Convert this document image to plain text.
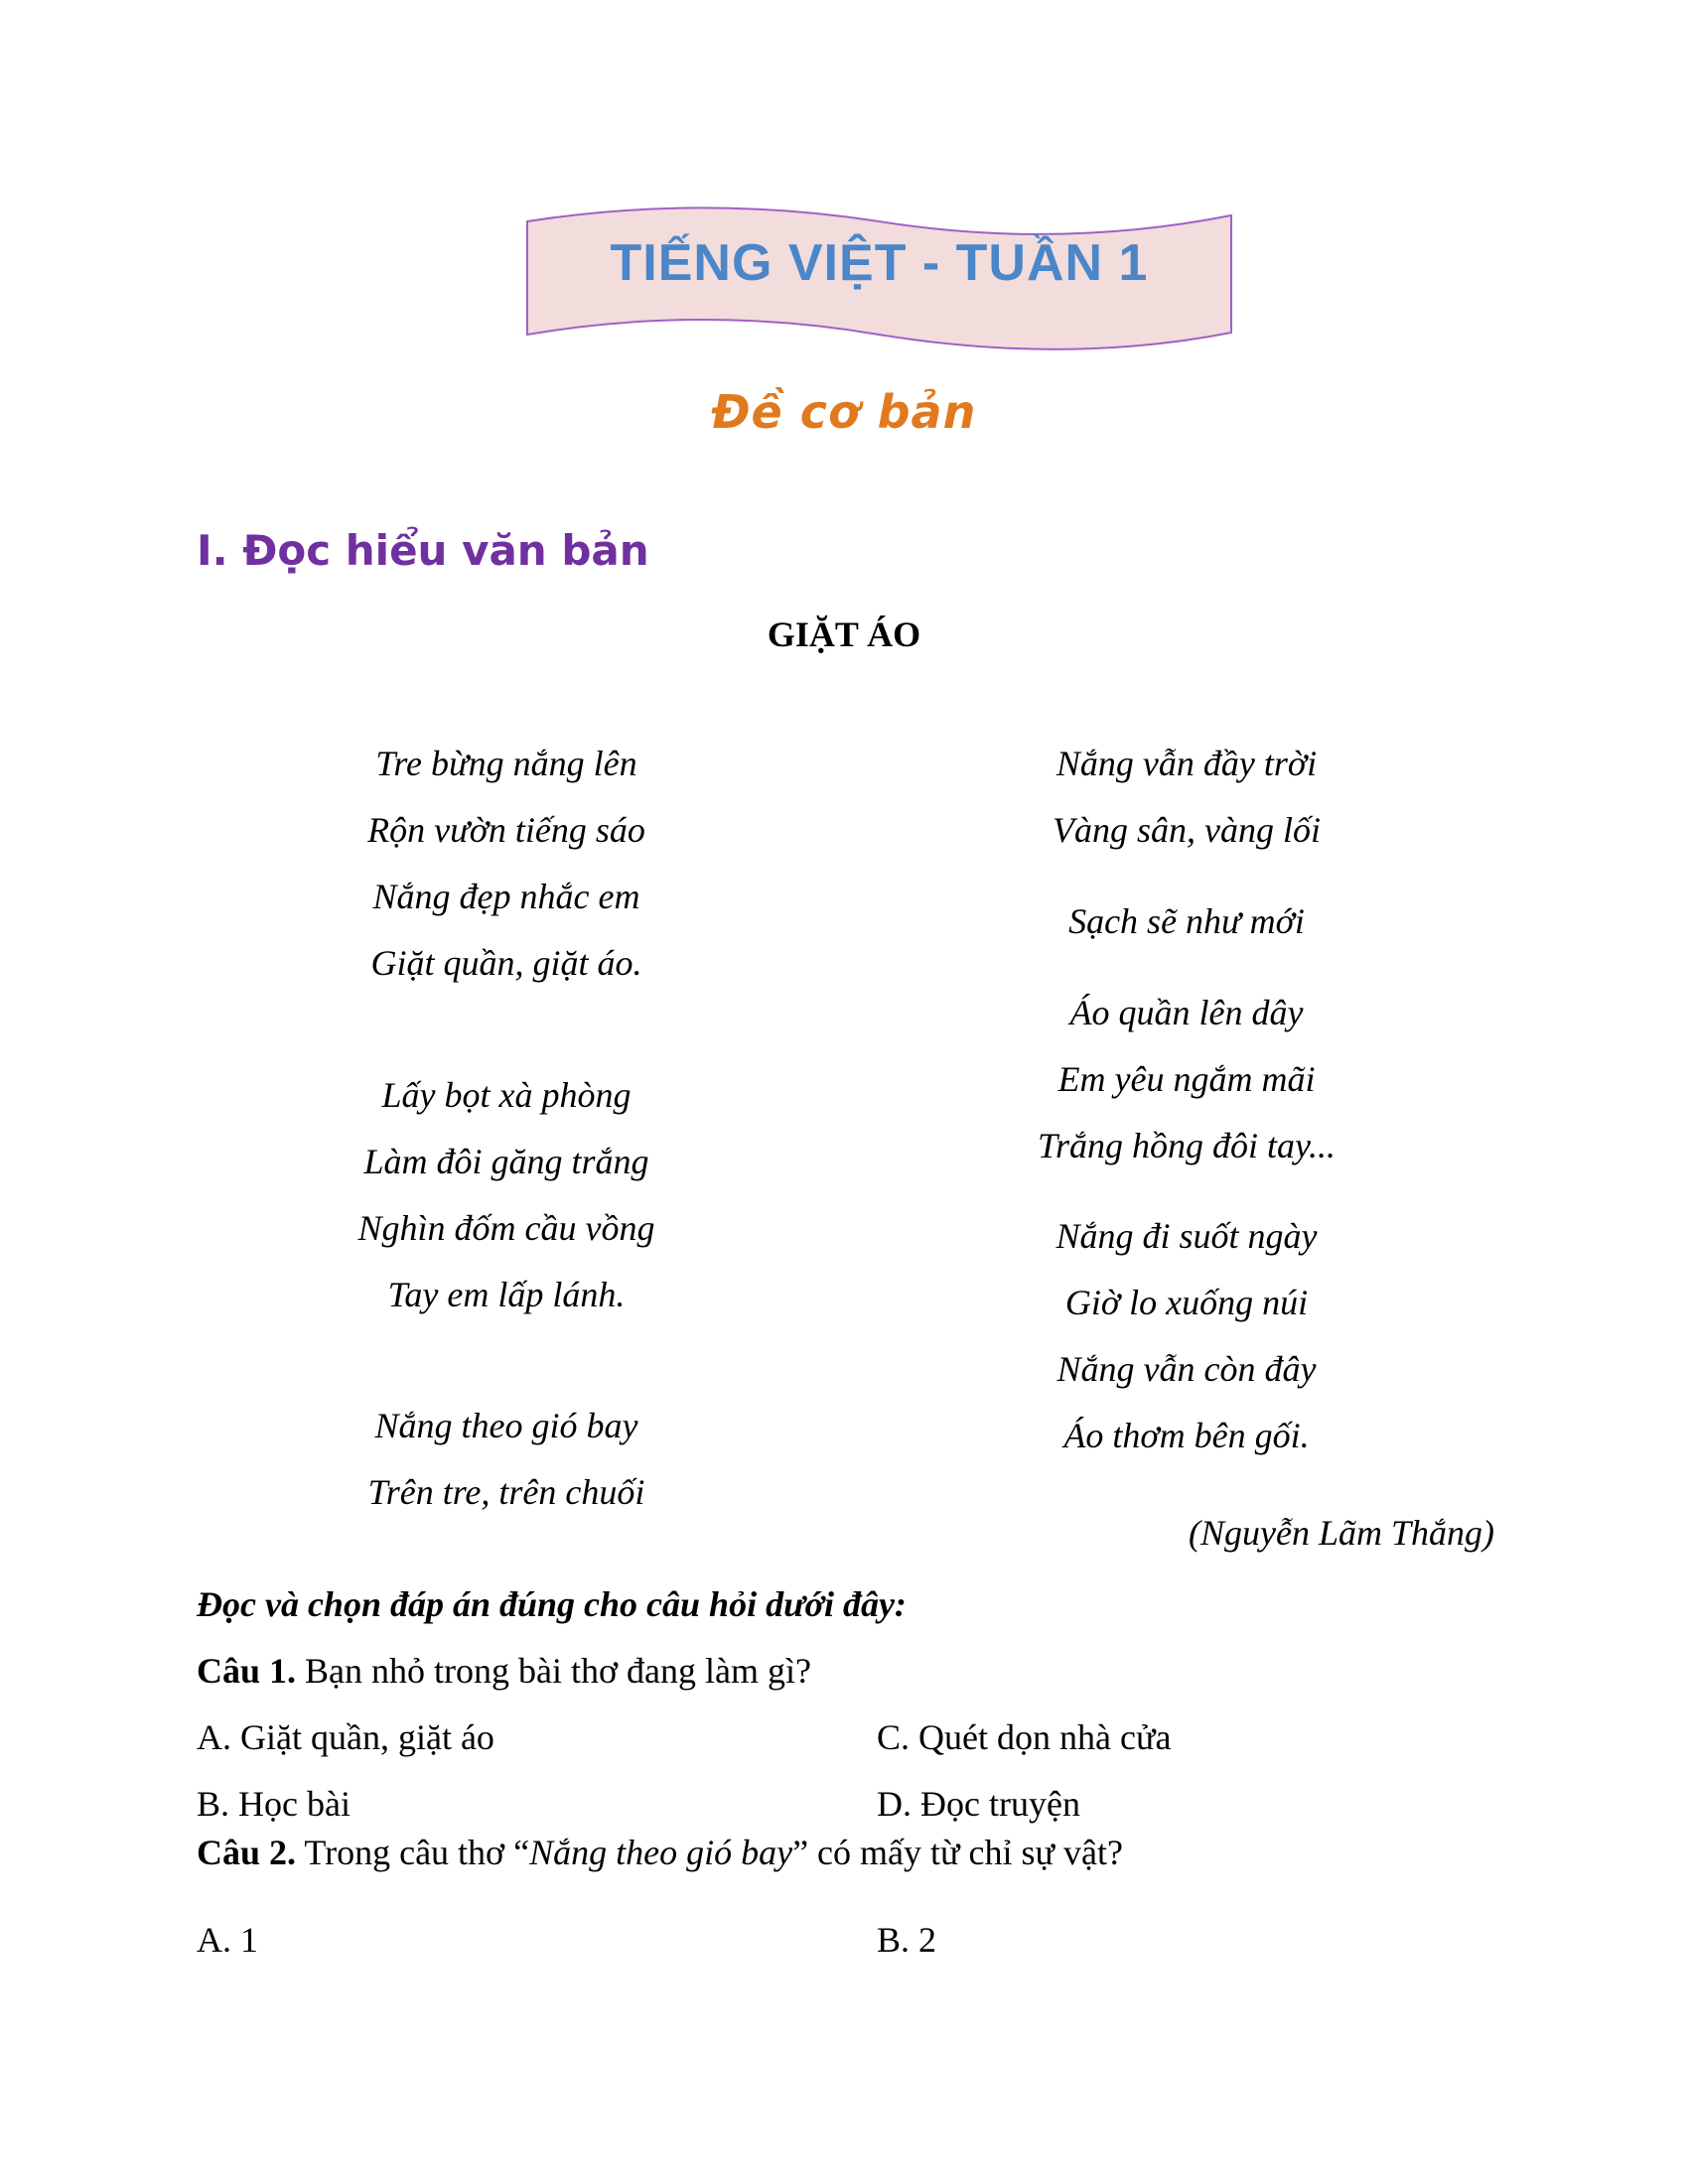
TIẾNG VIỆT - TUẦN 1
Đề cơ bản
I. Đọc hiểu văn bản
GIẶT ÁO
Tre bừng nắng lên
Rộn vườn tiếng sáo
Nắng đẹp nhắc em
Giặt quần, giặt áo.
Lấy bọt xà phòng
Làm đôi găng trắng
Nghìn đốm cầu vồng
Tay em lấp lánh.
Nắng theo gió bay
Trên tre, trên chuối
Nắng vẫn đầy trời
Vàng sân, vàng lối
Sạch sẽ như mới
Áo quần lên dây
Em yêu ngắm mãi
Trắng hồng đôi tay...
Nắng đi suốt ngày
Giờ lo xuống núi
Nắng vẫn còn đây
Áo thơm bên gối.
(Nguyễn Lãm Thắng)
Đọc và chọn đáp án đúng cho câu hỏi dưới đây:
Câu 1. Bạn nhỏ trong bài thơ đang làm gì?
A. Giặt quần, giặt áo	C. Quét dọn nhà cửa
B. Học bài	D. Đọc truyện
Câu 2. Trong câu thơ “Nắng theo gió bay” có mấy từ chỉ sự vật?
A. 1	B. 2
